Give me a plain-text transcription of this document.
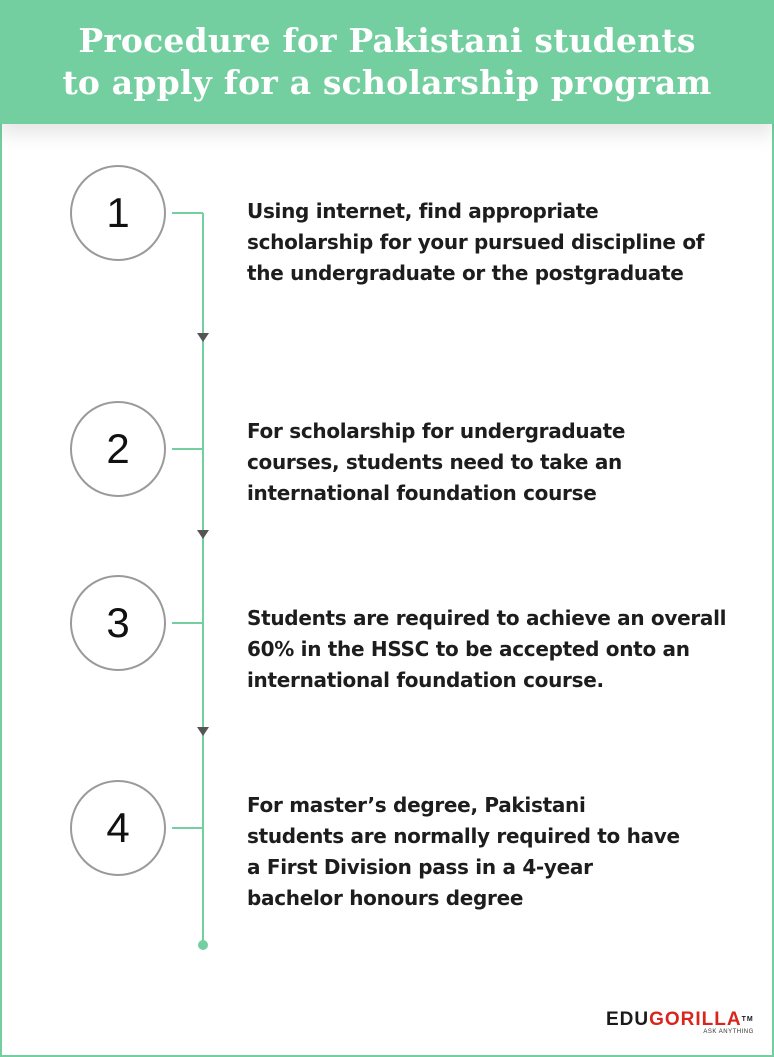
Procedure for Pakistani students
to apply for a scholarship program
1
2
3
4
Using internet, find appropriate scholarship for your pursued discipline of the undergraduate or the postgraduate
For scholarship for undergraduate courses, students need to take an international foundation course
Students are required to achieve an overall 60% in the HSSC to be accepted onto an international foundation course.
For master’s degree, Pakistani students are normally required to have a First Division pass in a 4-year bachelor honours degree
EDUGORILLA™
ASK ANYTHING
